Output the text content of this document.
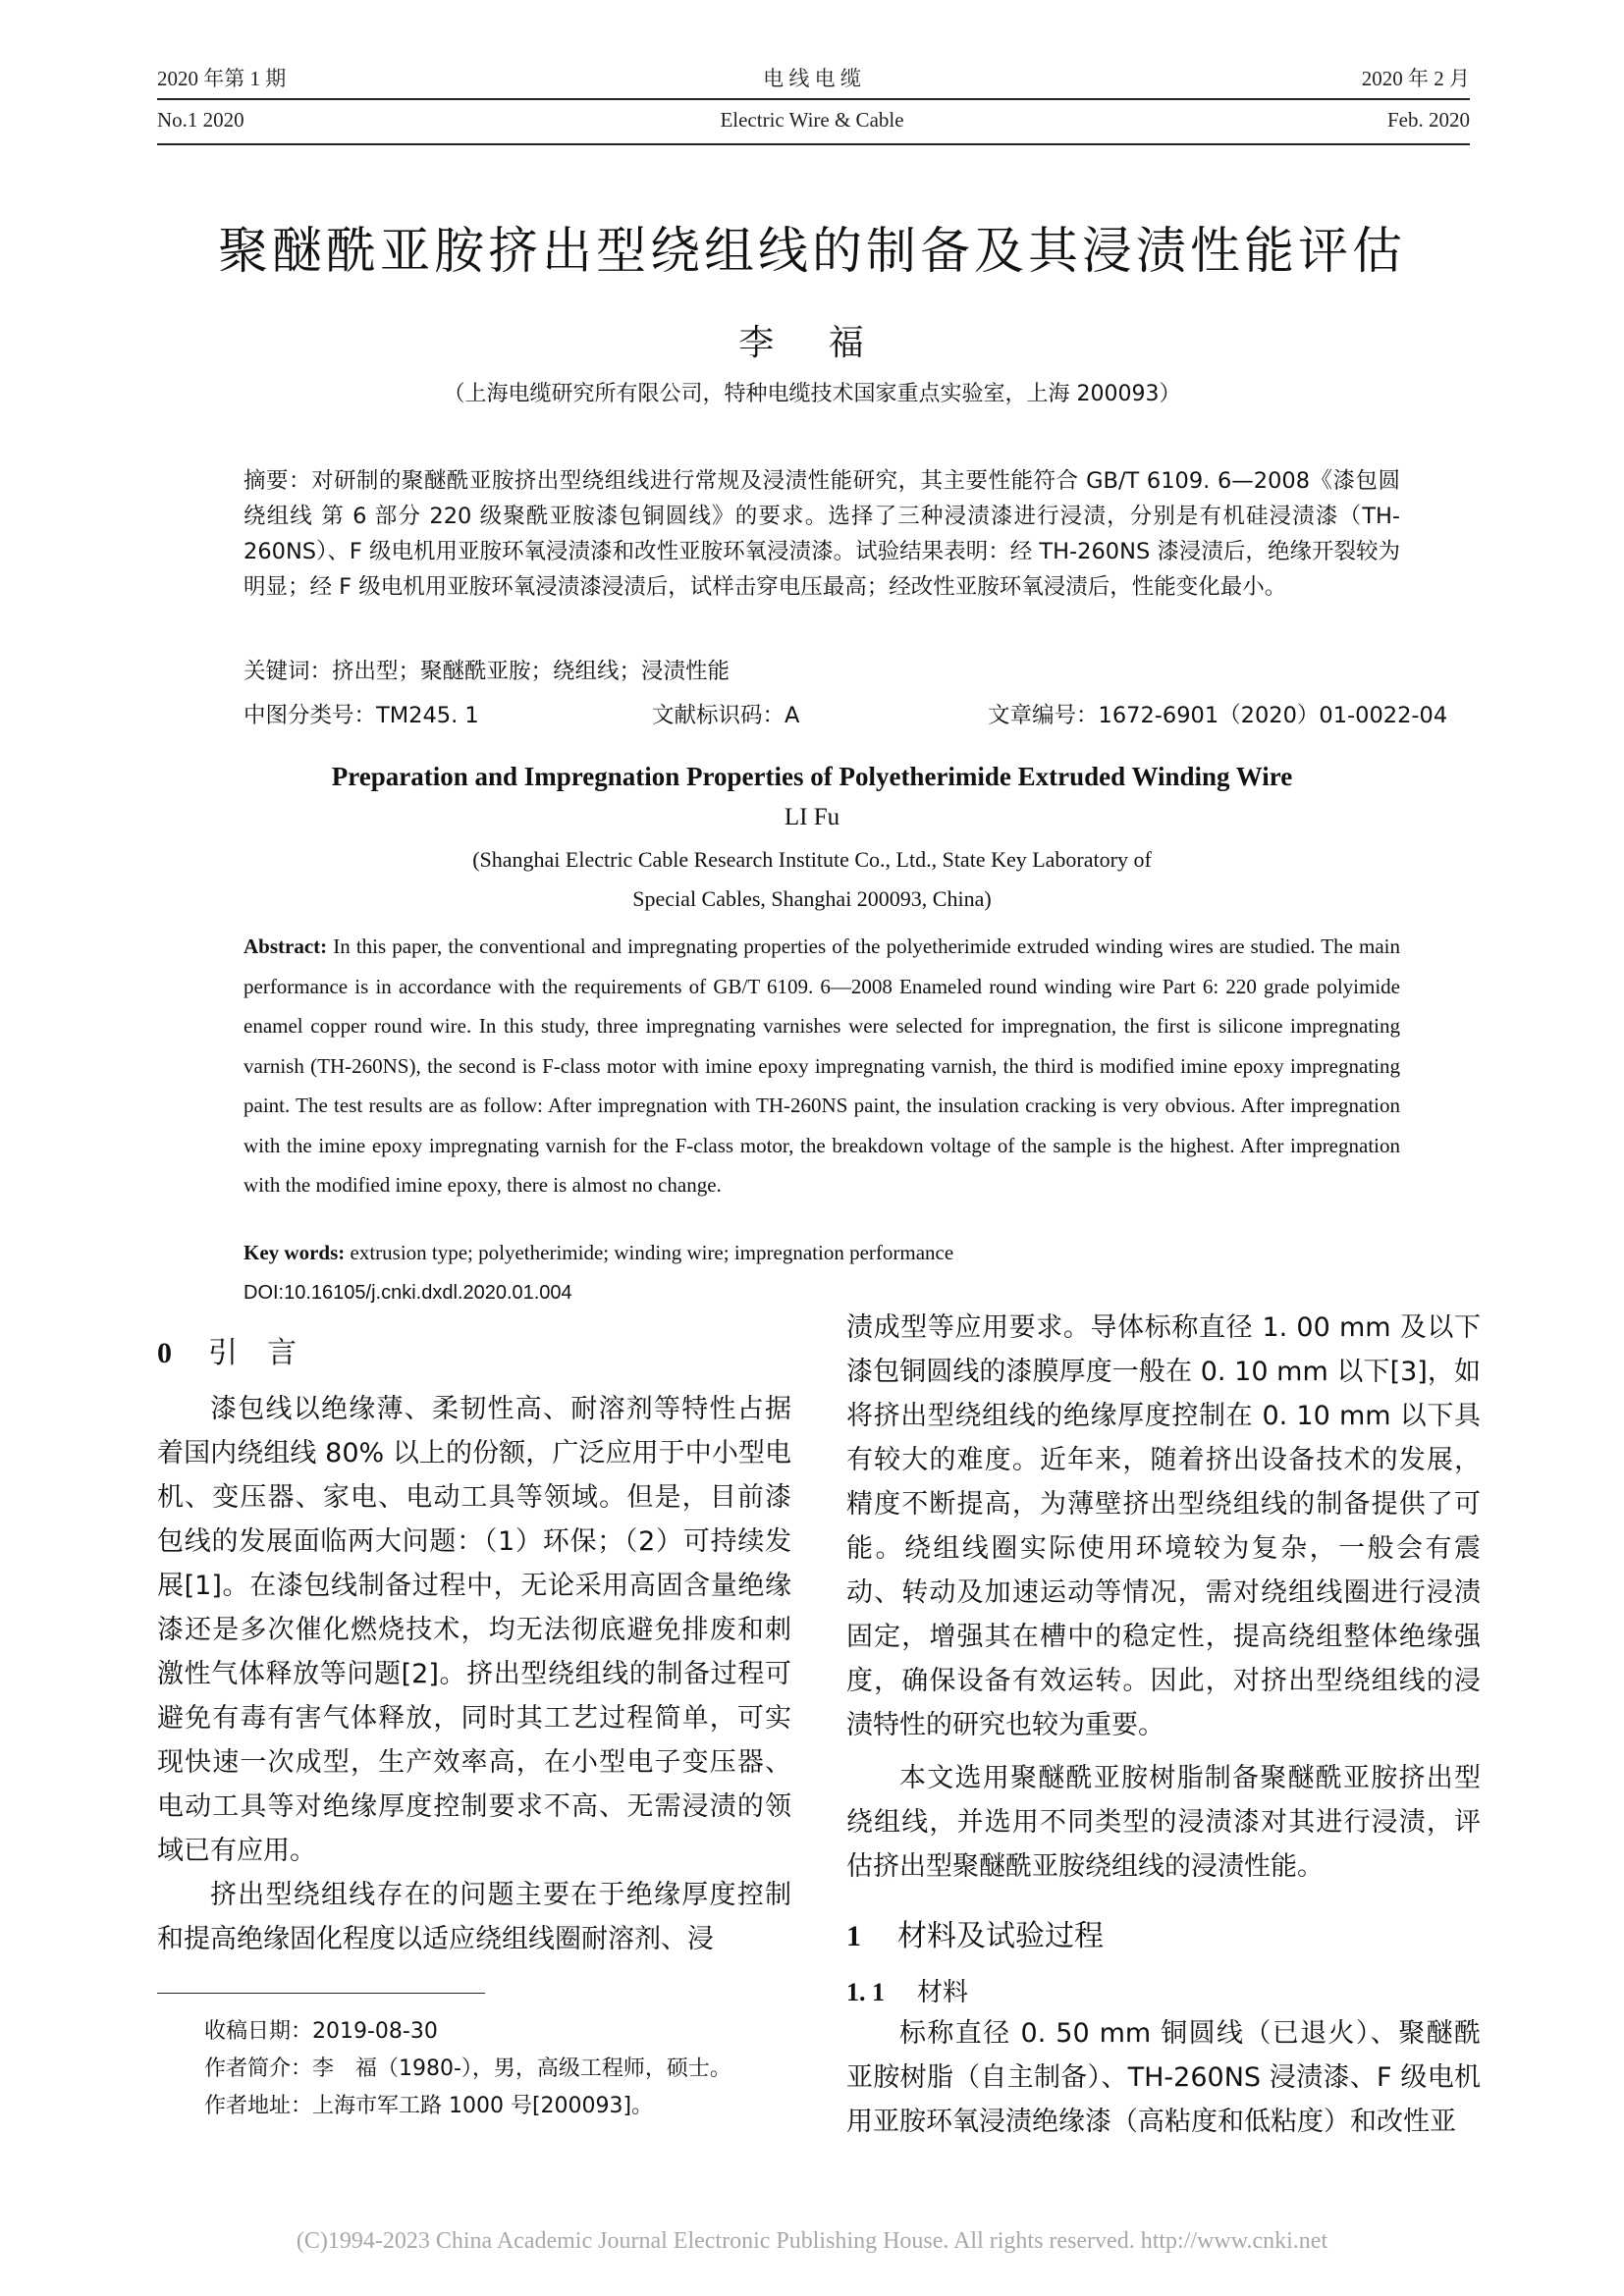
2020 年第 1 期
No.1 2020
电 线 电 缆
Electric Wire & Cable
2020 年 2 月
Feb. 2020
聚醚酰亚胺挤出型绕组线的制备及其浸渍性能评估
李 福
（上海电缆研究所有限公司，特种电缆技术国家重点实验室，上海 200093）
摘要：对研制的聚醚酰亚胺挤出型绕组线进行常规及浸渍性能研究，其主要性能符合 GB/T 6109. 6—2008《漆包圆绕组线 第 6 部分 220 级聚酰亚胺漆包铜圆线》的要求。选择了三种浸渍漆进行浸渍，分别是有机硅浸渍漆（TH-260NS）、F 级电机用亚胺环氧浸渍漆和改性亚胺环氧浸渍漆。试验结果表明：经 TH-260NS 漆浸渍后，绝缘开裂较为明显；经 F 级电机用亚胺环氧浸渍漆浸渍后，试样击穿电压最高；经改性亚胺环氧浸渍后，性能变化最小。
关键词：挤出型；聚醚酰亚胺；绕组线；浸渍性能
中图分类号：TM245. 1	文献标识码：A	文章编号：1672-6901（2020）01-0022-04
Preparation and Impregnation Properties of Polyetherimide Extruded Winding Wire
LI Fu
(Shanghai Electric Cable Research Institute Co., Ltd., State Key Laboratory of
Special Cables, Shanghai 200093, China)
Abstract: In this paper, the conventional and impregnating properties of the polyetherimide extruded winding wires are studied. The main performance is in accordance with the requirements of GB/T 6109. 6—2008 Enameled round winding wire Part 6: 220 grade polyimide enamel copper round wire. In this study, three impregnating varnishes were selected for impregnation, the first is silicone impregnating varnish (TH-260NS), the second is F-class motor with imine epoxy impregnating varnish, the third is modified imine epoxy impregnating paint. The test results are as follow: After impregnation with TH-260NS paint, the insulation cracking is very obvious. After impregnation with the imine epoxy impregnating varnish for the F-class motor, the breakdown voltage of the sample is the highest. After impregnation with the modified imine epoxy, there is almost no change.
Key words: extrusion type; polyetherimide; winding wire; impregnation performance
DOI:10.16105/j.cnki.dxdl.2020.01.004
0 引　言

漆包线以绝缘薄、柔韧性高、耐溶剂等特性占据着国内绕组线 80% 以上的份额，广泛应用于中小型电机、变压器、家电、电动工具等领域。但是，目前漆包线的发展面临两大问题：（1）环保；（2）可持续发展[1]。在漆包线制备过程中，无论采用高固含量绝缘漆还是多次催化燃烧技术，均无法彻底避免排废和刺激性气体释放等问题[2]。挤出型绕组线的制备过程可避免有毒有害气体释放，同时其工艺过程简单，可实现快速一次成型，生产效率高，在小型电子变压器、电动工具等对绝缘厚度控制要求不高、无需浸渍的领域已有应用。

挤出型绕组线存在的问题主要在于绝缘厚度控制和提高绝缘固化程度以适应绕组线圈耐溶剂、浸

渍成型等应用要求。导体标称直径 1. 00 mm 及以下漆包铜圆线的漆膜厚度一般在 0. 10 mm 以下[3]，如将挤出型绕组线的绝缘厚度控制在 0. 10 mm 以下具有较大的难度。近年来，随着挤出设备技术的发展，精度不断提高，为薄壁挤出型绕组线的制备提供了可能。绕组线圈实际使用环境较为复杂，一般会有震动、转动及加速运动等情况，需对绕组线圈进行浸渍固定，增强其在槽中的稳定性，提高绕组整体绝缘强度，确保设备有效运转。因此，对挤出型绕组线的浸渍特性的研究也较为重要。

本文选用聚醚酰亚胺树脂制备聚醚酰亚胺挤出型绕组线，并选用不同类型的浸渍漆对其进行浸渍，评估挤出型聚醚酰亚胺绕组线的浸渍性能。

1 材料及试验过程
1. 1 材料

标称直径 0. 50 mm 铜圆线（已退火）、聚醚酰亚胺树脂（自主制备）、TH-260NS 浸渍漆、F 级电机用亚胺环氧浸渍绝缘漆（高粘度和低粘度）和改性亚

收稿日期：2019-08-30
作者简介：李　福（1980-），男，高级工程师，硕士。
作者地址：上海市军工路 1000 号[200093]。
(C)1994-2023 China Academic Journal Electronic Publishing House. All rights reserved. http://www.cnki.net
